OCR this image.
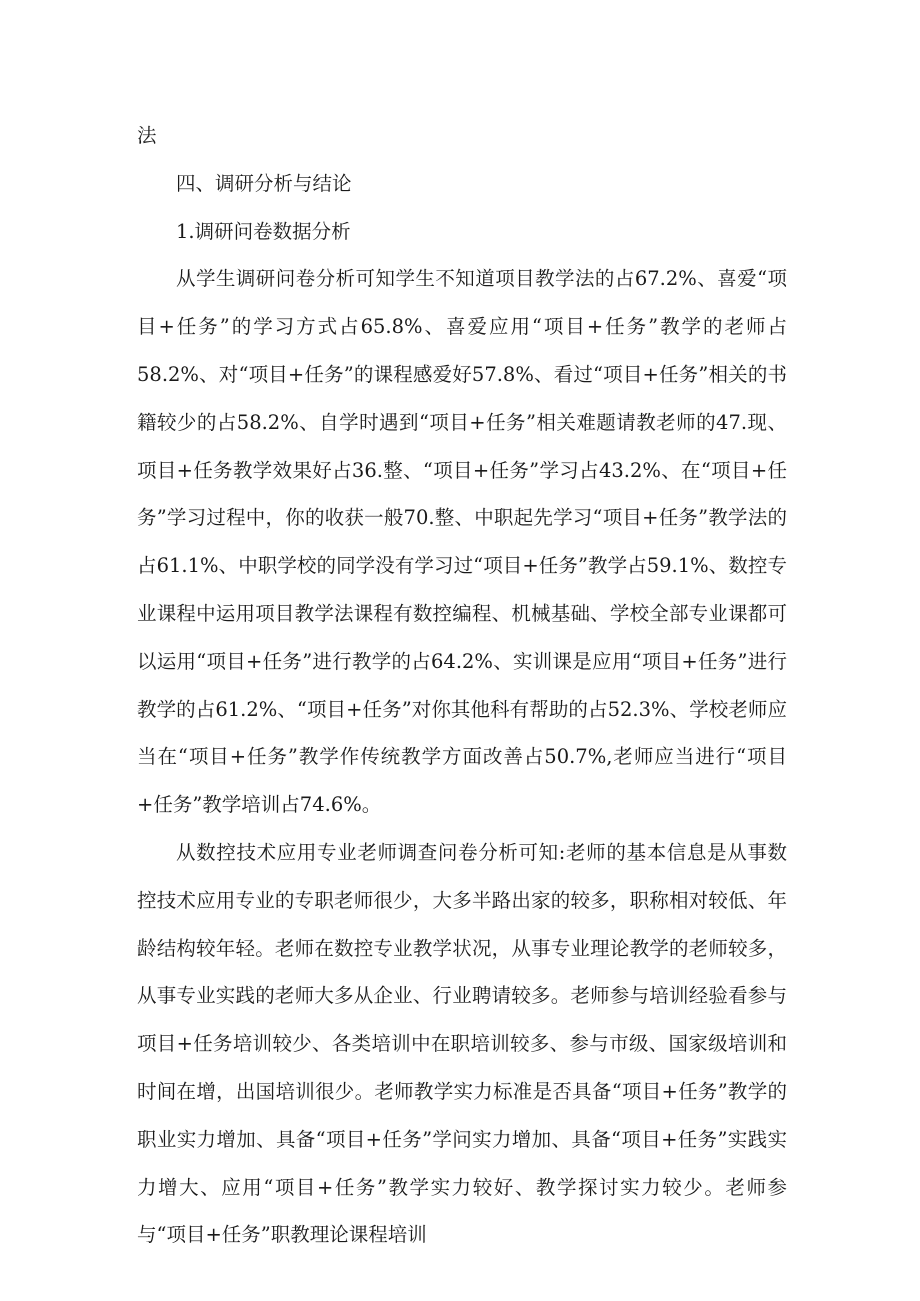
法

四、调研分析与结论

1.调研问卷数据分析

从学生调研问卷分析可知学生不知道项目教学法的占67.2%、喜爱“项目+任务”的学习方式占65.8%、喜爱应用“项目+任务”教学的老师占58.2%、对“项目+任务”的课程感爱好57.8%、看过“项目+任务”相关的书籍较少的占58.2%、自学时遇到“项目+任务”相关难题请教老师的47.现、项目+任务教学效果好占36.整、“项目+任务”学习占43.2%、在“项目+任务”学习过程中，你的收获一般70.整、中职起先学习“项目+任务”教学法的占61.1%、中职学校的同学没有学习过“项目+任务”教学占59.1%、数控专业课程中运用项目教学法课程有数控编程、机械基础、学校全部专业课都可以运用“项目+任务”进行教学的占64.2%、实训课是应用“项目+任务”进行教学的占61.2%、“项目+任务”对你其他科有帮助的占52.3%、学校老师应当在“项目+任务”教学作传统教学方面改善占50.7%,老师应当进行“项目+任务”教学培训占74.6%。

从数控技术应用专业老师调查问卷分析可知:老师的基本信息是从事数控技术应用专业的专职老师很少，大多半路出家的较多，职称相对较低、年龄结构较年轻。老师在数控专业教学状况，从事专业理论教学的老师较多，从事专业实践的老师大多从企业、行业聘请较多。老师参与培训经验看参与项目+任务培训较少、各类培训中在职培训较多、参与市级、国家级培训和时间在增，出国培训很少。老师教学实力标准是否具备“项目+任务”教学的职业实力增加、具备“项目+任务”学问实力增加、具备“项目+任务”实践实力增大、应用“项目+任务”教学实力较好、教学探讨实力较少。老师参与“项目+任务”职教理论课程培训
